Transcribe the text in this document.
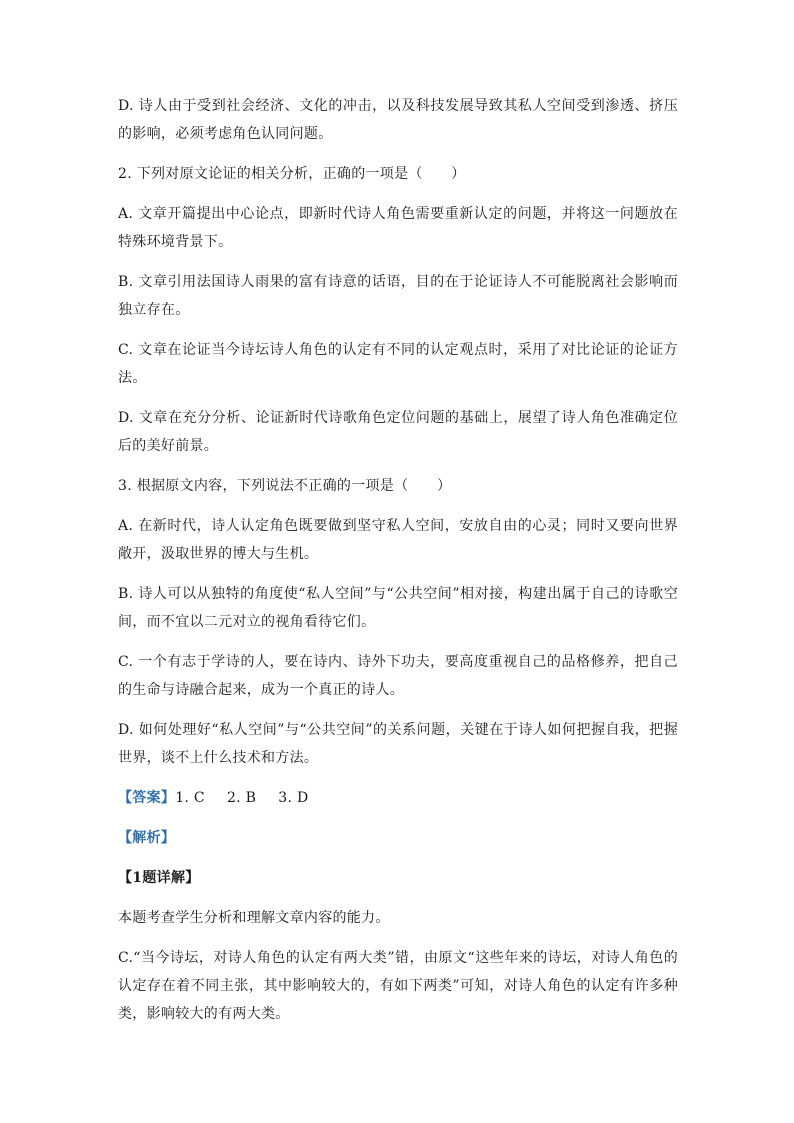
D. 诗人由于受到社会经济、文化的冲击，以及科技发展导致其私人空间受到渗透、挤压的影响，必须考虑角色认同问题。

2. 下列对原文论证的相关分析，正确的一项是（　　）

A. 文章开篇提出中心论点，即新时代诗人角色需要重新认定的问题，并将这一问题放在特殊环境背景下。

B. 文章引用法国诗人雨果的富有诗意的话语，目的在于论证诗人不可能脱离社会影响而独立存在。

C. 文章在论证当今诗坛诗人角色的认定有不同的认定观点时，采用了对比论证的论证方法。

D. 文章在充分分析、论证新时代诗歌角色定位问题的基础上，展望了诗人角色准确定位后的美好前景。

3. 根据原文内容，下列说法不正确的一项是（　　）

A. 在新时代，诗人认定角色既要做到坚守私人空间，安放自由的心灵；同时又要向世界敞开，汲取世界的博大与生机。

B. 诗人可以从独特的角度使“私人空间”与“公共空间”相对接，构建出属于自己的诗歌空间，而不宜以二元对立的视角看待它们。

C. 一个有志于学诗的人，要在诗内、诗外下功夫，要高度重视自己的品格修养，把自己的生命与诗融合起来，成为一个真正的诗人。

D. 如何处理好“私人空间”与“公共空间”的关系问题，关键在于诗人如何把握自我，把握世界，谈不上什么技术和方法。

【答案】1. C 2. B 3. D

【解析】

【1题详解】

本题考查学生分析和理解文章内容的能力。

C.“当今诗坛，对诗人角色的认定有两大类”错，由原文“这些年来的诗坛，对诗人角色的认定存在着不同主张，其中影响较大的，有如下两类”可知，对诗人角色的认定有许多种类，影响较大的有两大类。
